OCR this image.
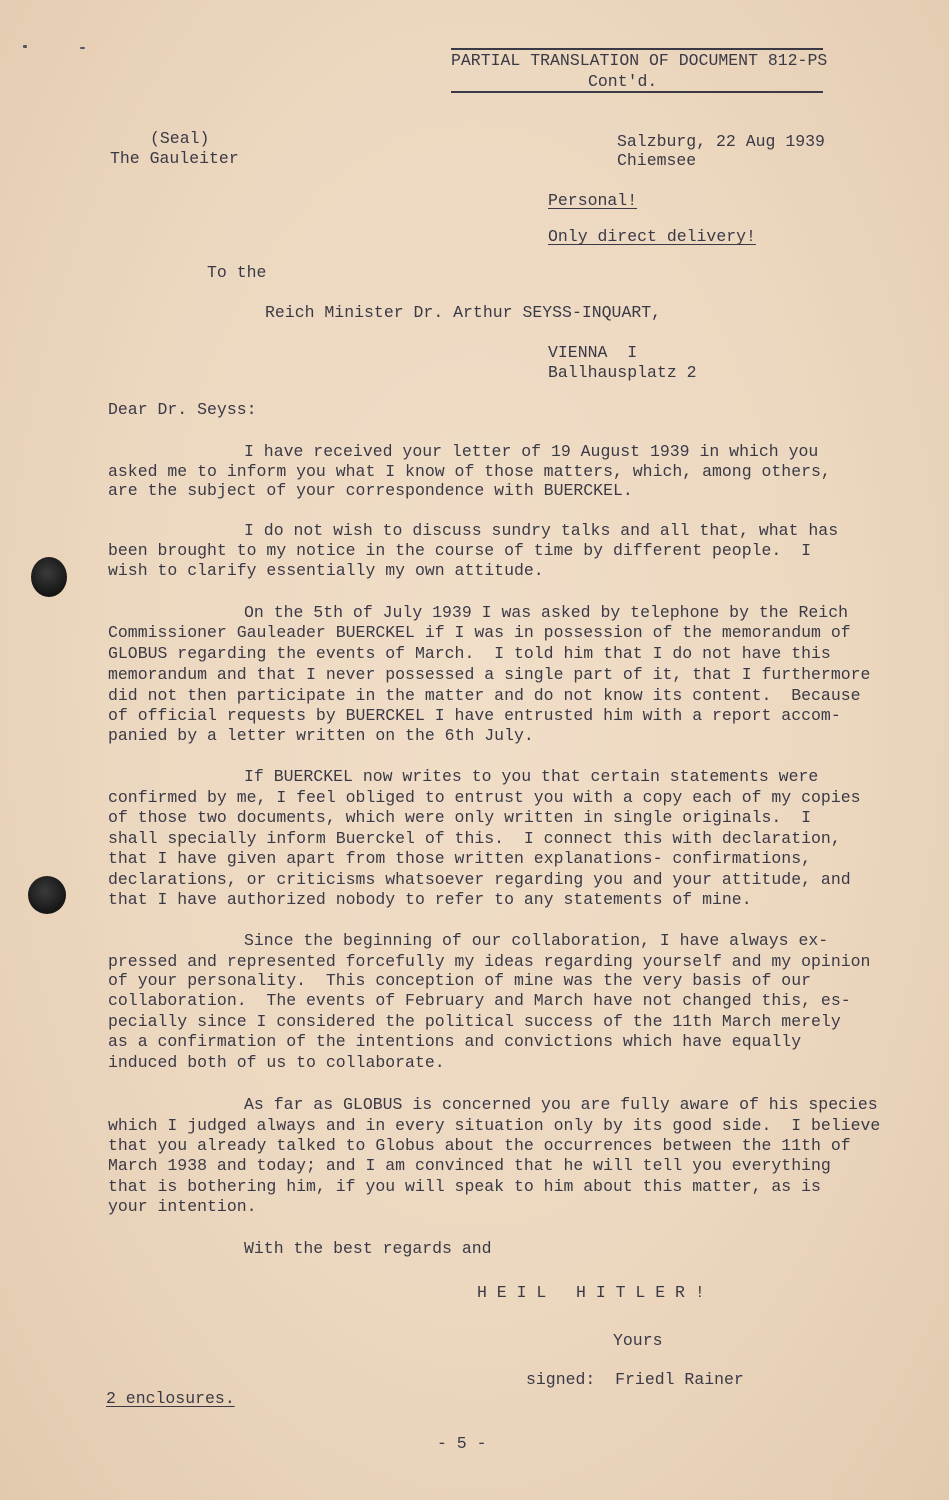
PARTIAL TRANSLATION OF DOCUMENT 812-PS
Cont'd.
(Seal)
The Gauleiter
Salzburg, 22 Aug 1939
Chiemsee
Personal!
Only direct delivery!
To the
Reich Minister Dr. Arthur SEYSS-INQUART,
VIENNA  I
Ballhausplatz 2
Dear Dr. Seyss:
I have received your letter of 19 August 1939 in which you
asked me to inform you what I know of those matters, which, among others,
are the subject of your correspondence with BUERCKEL.
I do not wish to discuss sundry talks and all that, what has
been brought to my notice in the course of time by different people.  I
wish to clarify essentially my own attitude.
On the 5th of July 1939 I was asked by telephone by the Reich
Commissioner Gauleader BUERCKEL if I was in possession of the memorandum of
GLOBUS regarding the events of March.  I told him that I do not have this
memorandum and that I never possessed a single part of it, that I furthermore
did not then participate in the matter and do not know its content.  Because
of official requests by BUERCKEL I have entrusted him with a report accom-
panied by a letter written on the 6th July.
If BUERCKEL now writes to you that certain statements were
confirmed by me, I feel obliged to entrust you with a copy each of my copies
of those two documents, which were only written in single originals.  I
shall specially inform Buerckel of this.  I connect this with declaration,
that I have given apart from those written explanations- confirmations,
declarations, or criticisms whatsoever regarding you and your attitude, and
that I have authorized nobody to refer to any statements of mine.
Since the beginning of our collaboration, I have always ex-
pressed and represented forcefully my ideas regarding yourself and my opinion
of your personality.  This conception of mine was the very basis of our
collaboration.  The events of February and March have not changed this, es-
pecially since I considered the political success of the 11th March merely
as a confirmation of the intentions and convictions which have equally
induced both of us to collaborate.
As far as GLOBUS is concerned you are fully aware of his species
which I judged always and in every situation only by its good side.  I believe
that you already talked to Globus about the occurrences between the 11th of
March 1938 and today; and I am convinced that he will tell you everything
that is bothering him, if you will speak to him about this matter, as is
your intention.
With the best regards and
H E I L   H I T L E R !
Yours
signed:  Friedl Rainer
2 enclosures.
- 5 -
